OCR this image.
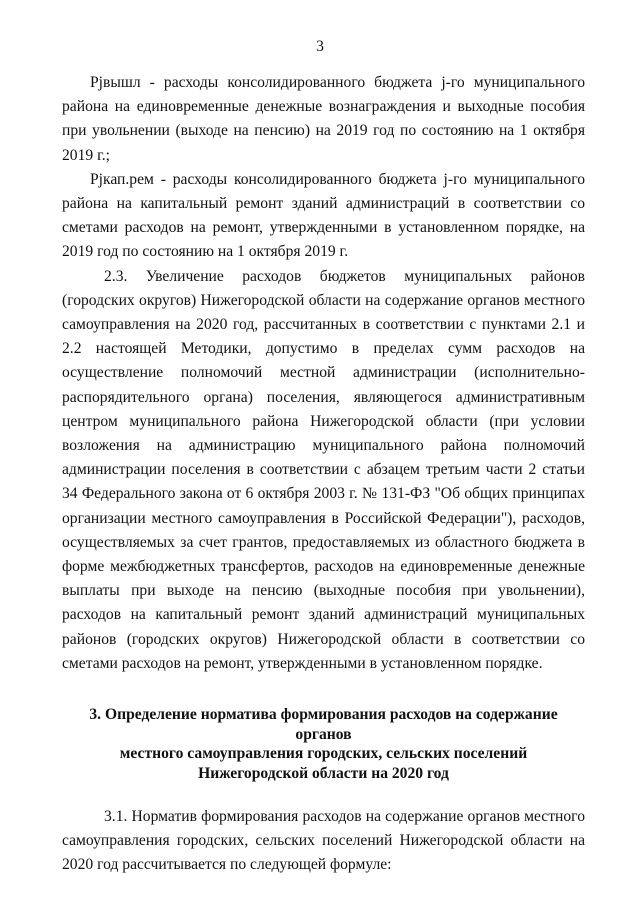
3

Pjвышл - расходы консолидированного бюджета j-го муниципального района на единовременные денежные вознаграждения и выходные пособия при увольнении (выходе на пенсию) на 2019 год по состоянию на 1 октября 2019 г.;

Pjкап.рем - расходы консолидированного бюджета j-го муниципального района на капитальный ремонт зданий администраций в соответствии со сметами расходов на ремонт, утвержденными в установленном порядке, на 2019 год по состоянию на 1 октября 2019 г.

2.3. Увеличение расходов бюджетов муниципальных районов (городских округов) Нижегородской области на содержание органов местного самоуправления на 2020 год, рассчитанных в соответствии с пунктами 2.1 и 2.2 настоящей Методики, допустимо в пределах сумм расходов на осуществление полномочий местной администрации (исполнительно-распорядительного органа) поселения, являющегося административным центром муниципального района Нижегородской области (при условии возложения на администрацию муниципального района полномочий администрации поселения в соответствии с абзацем третьим части 2 статьи 34 Федерального закона от 6 октября 2003 г. № 131-ФЗ "Об общих принципах организации местного самоуправления в Российской Федерации"), расходов, осуществляемых за счет грантов, предоставляемых из областного бюджета в форме межбюджетных трансфертов, расходов на единовременные денежные выплаты при выходе на пенсию (выходные пособия при увольнении), расходов на капитальный ремонт зданий администраций муниципальных районов (городских округов) Нижегородской области в соответствии со сметами расходов на ремонт, утвержденными в установленном порядке.

3. Определение норматива формирования расходов на содержание органов
местного самоуправления городских, сельских поселений
Нижегородской области на 2020 год

3.1. Норматив формирования расходов на содержание органов местного самоуправления городских, сельских поселений Нижегородской области на 2020 год рассчитывается по следующей формуле:
